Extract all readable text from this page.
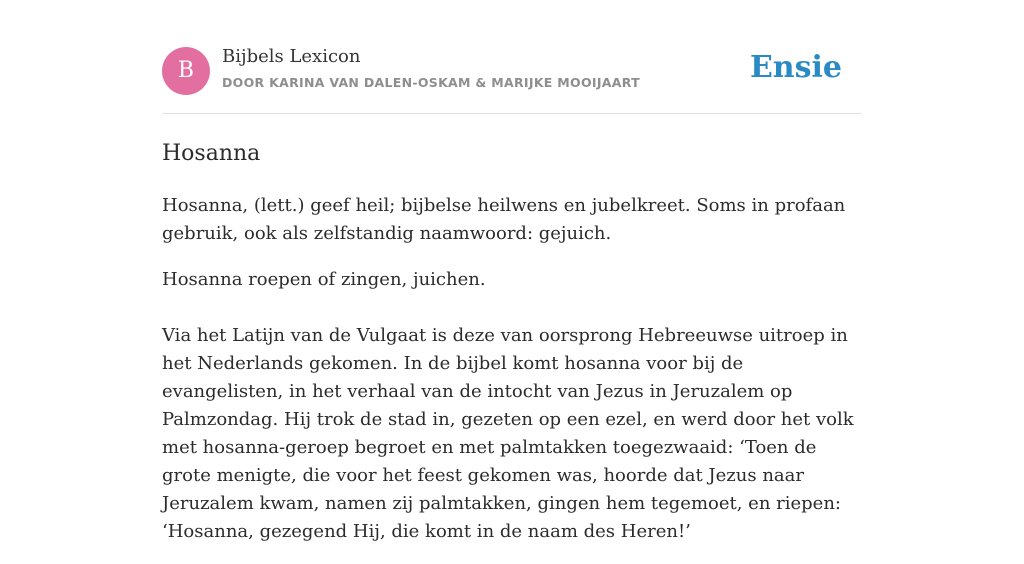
B
Bijbels Lexicon
DOOR KARINA VAN DALEN-OSKAM & MARIJKE MOOIJAART	Ensie
Hosanna

Hosanna, (lett.) geef heil; bijbelse heilwens en jubelkreet. Soms in profaan gebruik, ook als zelfstandig naamwoord: gejuich.

Hosanna roepen of zingen, juichen.

Via het Latijn van de Vulgaat is deze van oorsprong Hebreeuwse uitroep in het Nederlands gekomen. In de bijbel komt hosanna voor bij de evangelisten, in het verhaal van de intocht van Jezus in Jeruzalem op Palmzondag. Hij trok de stad in, gezeten op een ezel, en werd door het volk met hosanna-geroep begroet en met palmtakken toegezwaaid: ‘Toen de grote menigte, die voor het feest gekomen was, hoorde dat Jezus naar Jeruzalem kwam, namen zij palmtakken, gingen hem tegemoet, en riepen: ‘Hosanna, gezegend Hij, die komt in de naam des Heren!’
